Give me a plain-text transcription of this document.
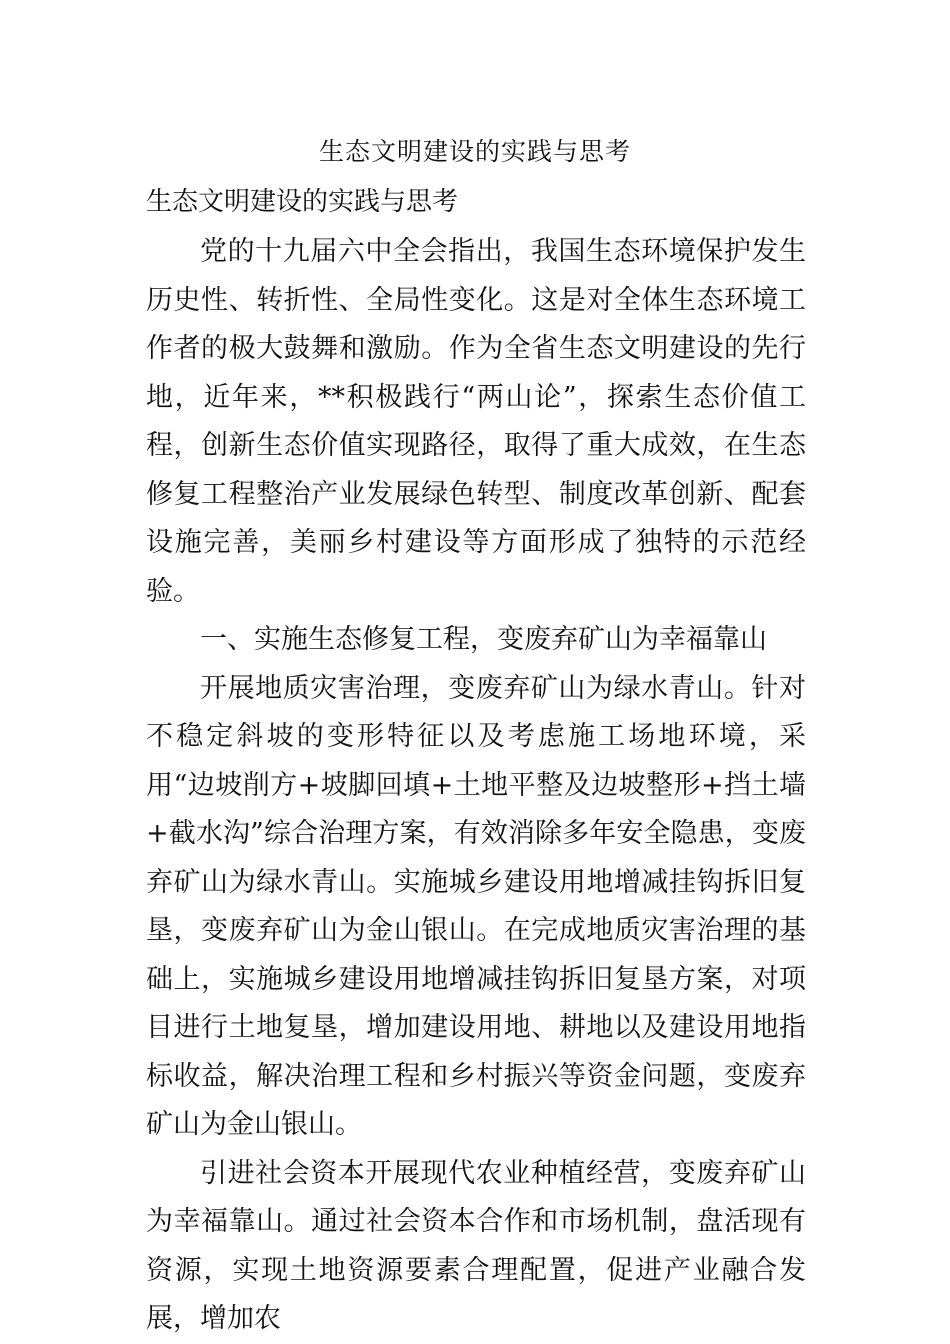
生态文明建设的实践与思考
生态文明建设的实践与思考

党的十九届六中全会指出，我国生态环境保护发生历史性、转折性、全局性变化。这是对全体生态环境工作者的极大鼓舞和激励。作为全省生态文明建设的先行地，近年来，**积极践行“两山论”，探索生态价值工程，创新生态价值实现路径，取得了重大成效，在生态修复工程整治产业发展绿色转型、制度改革创新、配套设施完善，美丽乡村建设等方面形成了独特的示范经验。

一、实施生态修复工程，变废弃矿山为幸福靠山

开展地质灾害治理，变废弃矿山为绿水青山。针对不稳定斜坡的变形特征以及考虑施工场地环境，采用“边坡削方+坡脚回填+土地平整及边坡整形+挡土墙+截水沟”综合治理方案，有效消除多年安全隐患，变废弃矿山为绿水青山。实施城乡建设用地增减挂钩拆旧复垦，变废弃矿山为金山银山。在完成地质灾害治理的基础上，实施城乡建设用地增减挂钩拆旧复垦方案，对项目进行土地复垦，增加建设用地、耕地以及建设用地指标收益，解决治理工程和乡村振兴等资金问题，变废弃矿山为金山银山。

引进社会资本开展现代农业种植经营，变废弃矿山为幸福靠山。通过社会资本合作和市场机制，盘活现有资源，实现土地资源要素合理配置，促进产业融合发展，增加农
